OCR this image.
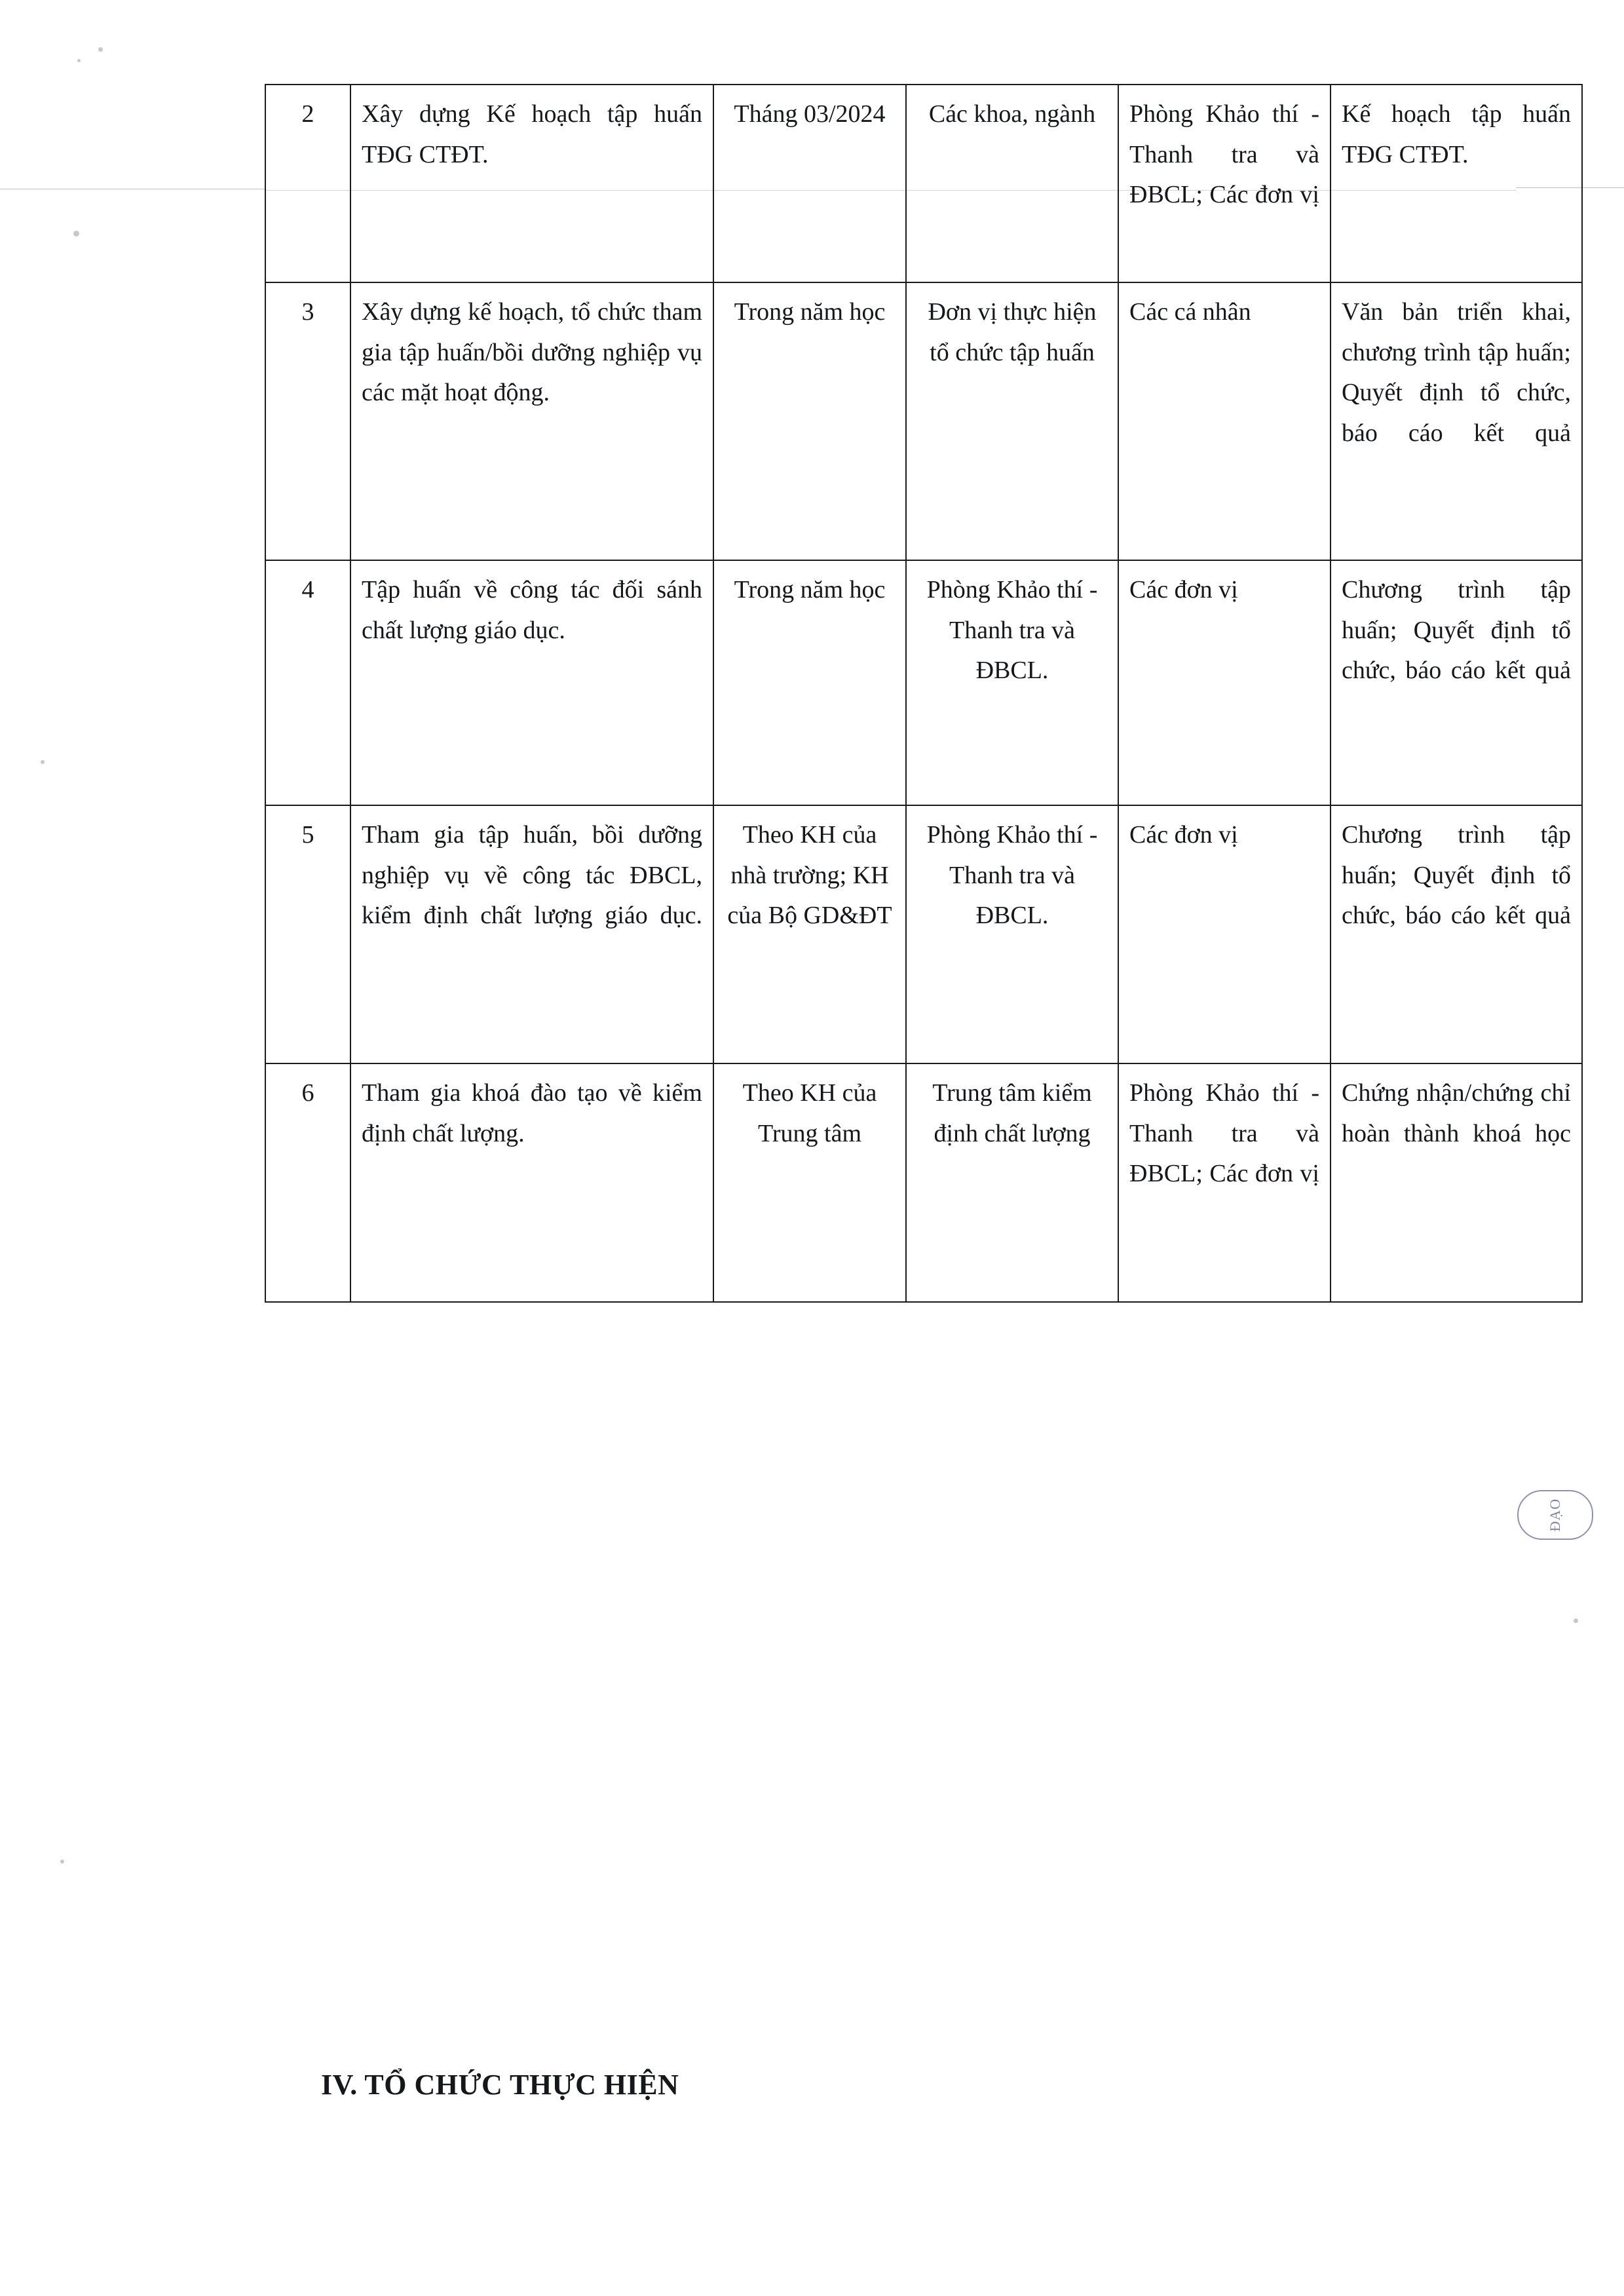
2	Xây dựng Kế hoạch tập huấn TĐG CTĐT.	Tháng 03/2024	Các khoa, ngành	Phòng Khảo thí - Thanh tra và ĐBCL; Các đơn vị	Kế hoạch tập huấn TĐG CTĐT.
3	Xây dựng kế hoạch, tổ chức tham gia tập huấn/bồi dưỡng nghiệp vụ các mặt hoạt động.	Trong năm học	Đơn vị thực hiện tổ chức tập huấn	Các cá nhân	Văn bản triển khai, chương trình tập huấn; Quyết định tổ chức, báo cáo kết quả
4	Tập huấn về công tác đối sánh chất lượng giáo dục.	Trong năm học	Phòng Khảo thí - Thanh tra và ĐBCL.	Các đơn vị	Chương trình tập huấn; Quyết định tổ chức, báo cáo kết quả
5	Tham gia tập huấn, bồi dưỡng nghiệp vụ về công tác ĐBCL, kiểm định chất lượng giáo dục.	Theo KH của nhà trường; KH của Bộ GD&ĐT	Phòng Khảo thí - Thanh tra và ĐBCL.	Các đơn vị	Chương trình tập huấn; Quyết định tổ chức, báo cáo kết quả
6	Tham gia khoá đào tạo về kiểm định chất lượng.	Theo KH của Trung tâm	Trung tâm kiểm định chất lượng	Phòng Khảo thí - Thanh tra và ĐBCL; Các đơn vị	Chứng nhận/chứng chỉ hoàn thành khoá học
IV. TỔ CHỨC THỰC HIỆN
ĐẠO
